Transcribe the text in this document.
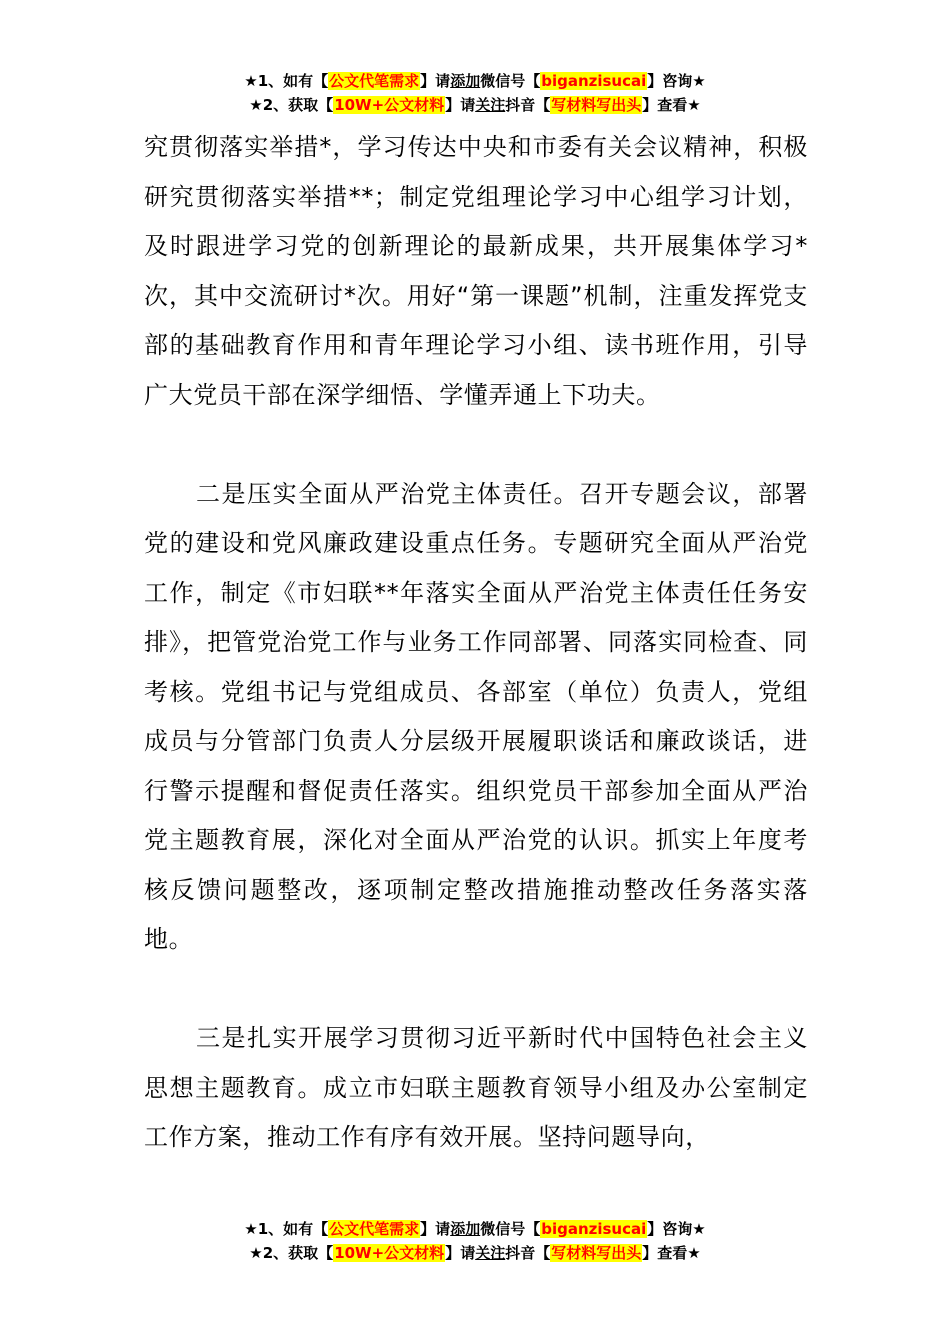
★1、如有【公文代笔需求】请添加微信号【biganzisucai】咨询★
★2、获取【10W+公文材料】请关注抖音【写材料写出头】查看★

究贯彻落实举措*，学习传达中央和市委有关会议精神，积极研究贯彻落实举措**；制定党组理论学习中心组学习计划，及时跟进学习党的创新理论的最新成果，共开展集体学习*次，其中交流研讨*次。用好“第一课题”机制，注重发挥党支部的基础教育作用和青年理论学习小组、读书班作用，引导广大党员干部在深学细悟、学懂弄通上下功夫。

二是压实全面从严治党主体责任。召开专题会议，部署党的建设和党风廉政建设重点任务。专题研究全面从严治党工作，制定《市妇联**年落实全面从严治党主体责任任务安排》，把管党治党工作与业务工作同部署、同落实同检查、同考核。党组书记与党组成员、各部室（单位）负责人，党组成员与分管部门负责人分层级开展履职谈话和廉政谈话，进行警示提醒和督促责任落实。组织党员干部参加全面从严治党主题教育展，深化对全面从严治党的认识。抓实上年度考核反馈问题整改，逐项制定整改措施推动整改任务落实落地。

三是扎实开展学习贯彻习近平新时代中国特色社会主义思想主题教育。成立市妇联主题教育领导小组及办公室制定工作方案，推动工作有序有效开展。坚持问题导向，

★1、如有【公文代笔需求】请添加微信号【biganzisucai】咨询★
★2、获取【10W+公文材料】请关注抖音【写材料写出头】查看★
